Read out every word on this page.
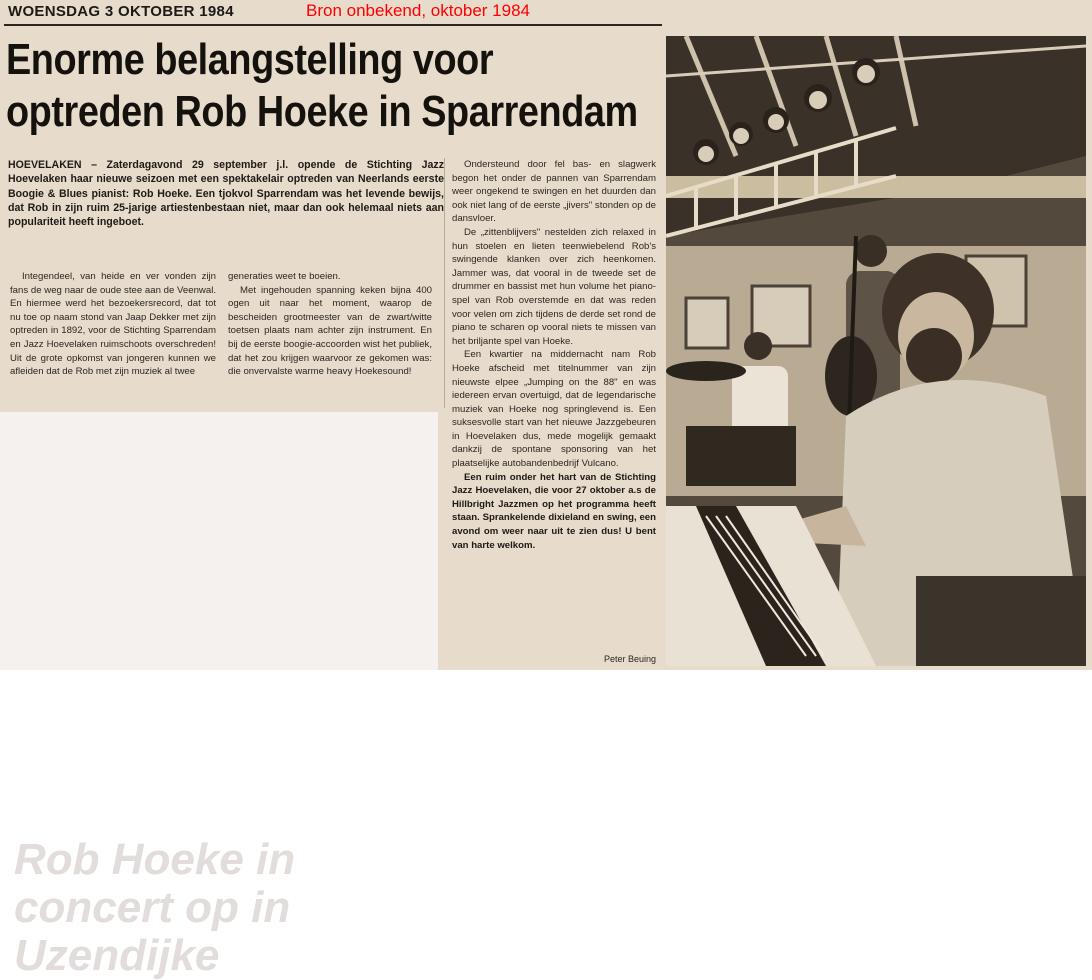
Rob Hoeke in concert op in Uzendijke
WOENSDAG 3 OKTOBER 1984	Bron onbekend, oktober 1984
Enorme belangstelling voor
optreden Rob Hoeke in Sparrendam
HOEVELAKEN – Zaterdagavond 29 september j.l. opende de Stichting Jazz Hoevelaken haar nieuwe seizoen met een spektakelair optreden van Neerlands eerste Boogie & Blues pianist: Rob Hoeke. Een tjokvol Sparrendam was het levende bewijs, dat Rob in zijn ruim 25-jarige artiestenbestaan niet, maar dan ook helemaal niets aan populariteit heeft ingeboet.

Integendeel, van heide en ver vonden zijn fans de weg naar de oude stee aan de Veenwal. En hiermee werd het bezoekersrecord, dat tot nu toe op naam stond van Jaap Dekker met zijn optreden in 1892, voor de Stichting Sparrendam en Jazz Hoevelaken ruimschoots overschreden! Uit de grote opkomst van jongeren kunnen we afleiden dat de Rob met zijn muziek al twee

generaties weet te boeien.

Met ingehouden spanning keken bijna 400 ogen uit naar het moment, waarop de bescheiden grootmeester van de zwart/witte toetsen plaats nam achter zijn instrument. En bij de eerste boogie-accoorden wist het publiek, dat het zou krijgen waarvoor ze gekomen was: die onvervalste warme heavy Hoekesound!

Ondersteund door fel bas- en slagwerk begon het onder de pannen van Sparrendam weer ongekend te swingen en het duurden dan ook niet lang of de eerste „jivers" stonden op de dansvloer.

De „zittenblijvers" nestelden zich relaxed in hun stoelen en lieten teenwiebelend Rob's swingende klanken over zich heenkomen. Jammer was, dat vooral in de tweede set de drummer en bassist met hun volume het piano-spel van Rob overstemde en dat was reden voor velen om zich tijdens de derde set rond de piano te scharen op vooral niets te missen van het briljante spel van Hoeke.

Een kwartier na middernacht nam Rob Hoeke afscheid met titelnummer van zijn nieuwste elpee „Jumping on the 88" en was iedereen ervan overtuigd, dat de legendarische muziek van Hoeke nog springlevend is. Een suksesvolle start van het nieuwe Jazzgebeuren in Hoevelaken dus, mede mogelijk gemaakt dankzij de spontane sponsoring van het plaatselijke autobandenbedrijf Vulcano.

Een ruim onder het hart van de Stichting Jazz Hoevelaken, die voor 27 oktober a.s de Hillbright Jazzmen op het programma heeft staan. Sprankelende dixieland en swing, een avond om weer naar uit te zien dus! U bent van harte welkom.

Peter Beuing
